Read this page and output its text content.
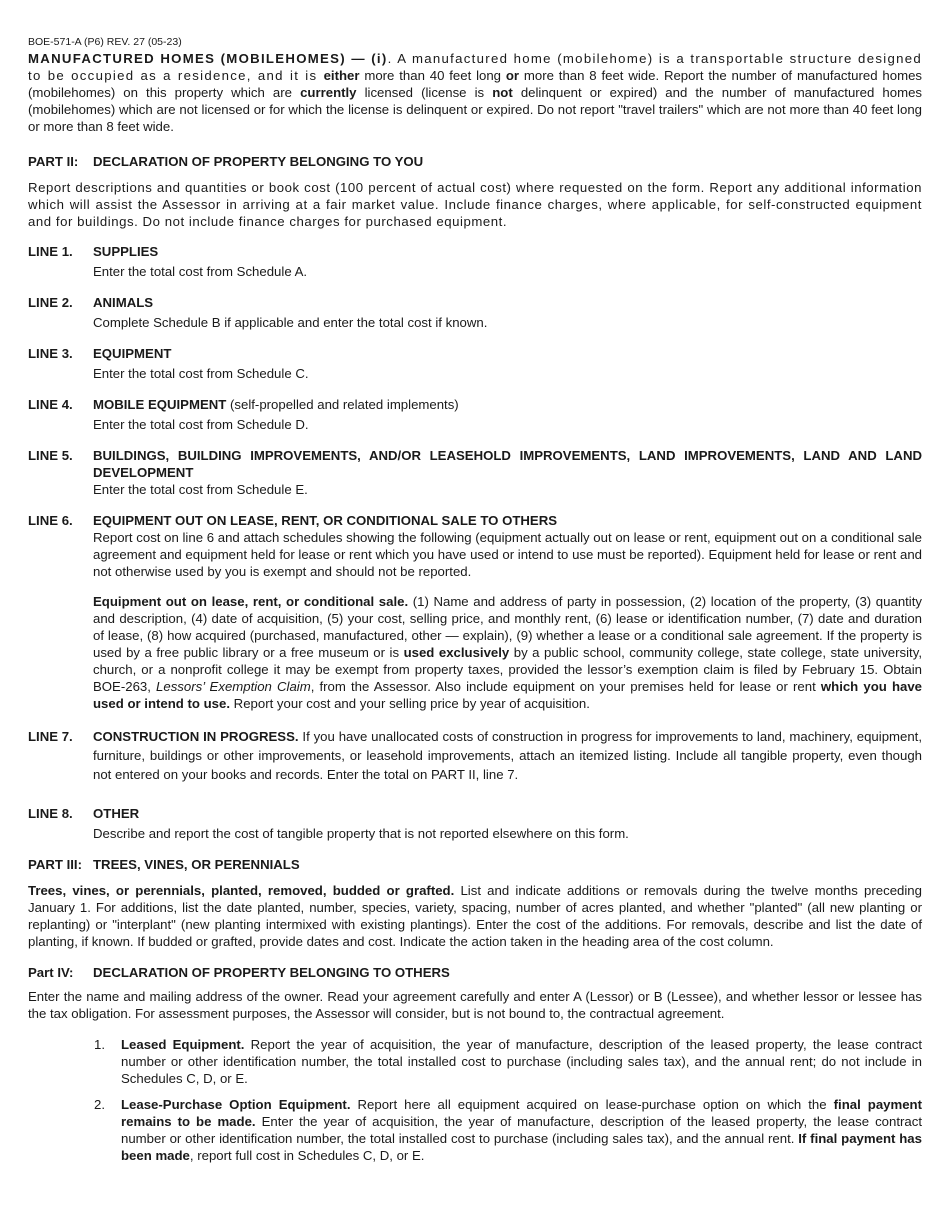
BOE-571-A (P6) REV. 27 (05-23)

MANUFACTURED HOMES (MOBILEHOMES) — (i). A manufactured home (mobilehome) is a transportable structure designed to be occupied as a residence, and it is either more than 40 feet long or more than 8 feet wide. Report the number of manufactured homes (mobilehomes) on this property which are currently licensed (license is not delinquent or expired) and the number of manufactured homes (mobilehomes) which are not licensed or for which the license is delinquent or expired. Do not report "travel trailers" which are not more than 40 feet long or more than 8 feet wide.

PART II:	DECLARATION OF PROPERTY BELONGING TO YOU

Report descriptions and quantities or book cost (100 percent of actual cost) where requested on the form. Report any additional information which will assist the Assessor in arriving at a fair market value. Include finance charges, where applicable, for self-constructed equipment and for buildings. Do not include finance charges for purchased equipment.

LINE 1.	SUPPLIES
Enter the total cost from Schedule A.
LINE 2.	ANIMALS
Complete Schedule B if applicable and enter the total cost if known.
LINE 3.	EQUIPMENT
Enter the total cost from Schedule C.
LINE 4.	MOBILE EQUIPMENT (self-propelled and related implements)
Enter the total cost from Schedule D.
LINE 5.	BUILDINGS, BUILDING IMPROVEMENTS, AND/OR LEASEHOLD IMPROVEMENTS, LAND IMPROVEMENTS, LAND AND LAND DEVELOPMENT
Enter the total cost from Schedule E.
LINE 6.	EQUIPMENT OUT ON LEASE, RENT, OR CONDITIONAL SALE TO OTHERS

Report cost on line 6 and attach schedules showing the following (equipment actually out on lease or rent, equipment out on a conditional sale agreement and equipment held for lease or rent which you have used or intend to use must be reported). Equipment held for lease or rent and not otherwise used by you is exempt and should not be reported.

Equipment out on lease, rent, or conditional sale. (1) Name and address of party in possession, (2) location of the property, (3) quantity and description, (4) date of acquisition, (5) your cost, selling price, and monthly rent, (6) lease or identification number, (7) date and duration of lease, (8) how acquired (purchased, manufactured, other — explain), (9) whether a lease or a conditional sale agreement. If the property is used by a free public library or a free museum or is used exclusively by a public school, community college, state college, state university, church, or a nonprofit college it may be exempt from property taxes, provided the lessor’s exemption claim is filed by February 15. Obtain BOE-263, Lessors’ Exemption Claim, from the Assessor. Also include equipment on your premises held for lease or rent which you have used or intend to use. Report your cost and your selling price by year of acquisition.

LINE 7.	CONSTRUCTION IN PROGRESS. If you have unallocated costs of construction in progress for improvements to land, machinery, equipment, furniture, buildings or other improvements, or leasehold improvements, attach an itemized listing. Include all tangible property, even though not entered on your books and records. Enter the total on PART II, line 7.

LINE 8.	OTHER
Describe and report the cost of tangible property that is not reported elsewhere on this form.
PART III: TREES, VINES, OR PERENNIALS

Trees, vines, or perennials, planted, removed, budded or grafted. List and indicate additions or removals during the twelve months preceding January 1. For additions, list the date planted, number, species, variety, spacing, number of acres planted, and whether "planted" (all new planting or replanting) or "interplant" (new planting intermixed with existing plantings). Enter the cost of the additions. For removals, describe and list the date of planting, if known. If budded or grafted, provide dates and cost. Indicate the action taken in the heading area of the cost column.

Part IV:	DECLARATION OF PROPERTY BELONGING TO OTHERS

Enter the name and mailing address of the owner. Read your agreement carefully and enter A (Lessor) or B (Lessee), and whether lessor or lessee has the tax obligation. For assessment purposes, the Assessor will consider, but is not bound to, the contractual agreement.

1.	Leased Equipment. Report the year of acquisition, the year of manufacture, description of the leased property, the lease contract number or other identification number, the total installed cost to purchase (including sales tax), and the annual rent; do not include in Schedules C, D, or E.

2.	Lease-Purchase Option Equipment. Report here all equipment acquired on lease-purchase option on which the final payment remains to be made. Enter the year of acquisition, the year of manufacture, description of the leased property, the lease contract number or other identification number, the total installed cost to purchase (including sales tax), and the annual rent. If final payment has been made, report full cost in Schedules C, D, or E.
